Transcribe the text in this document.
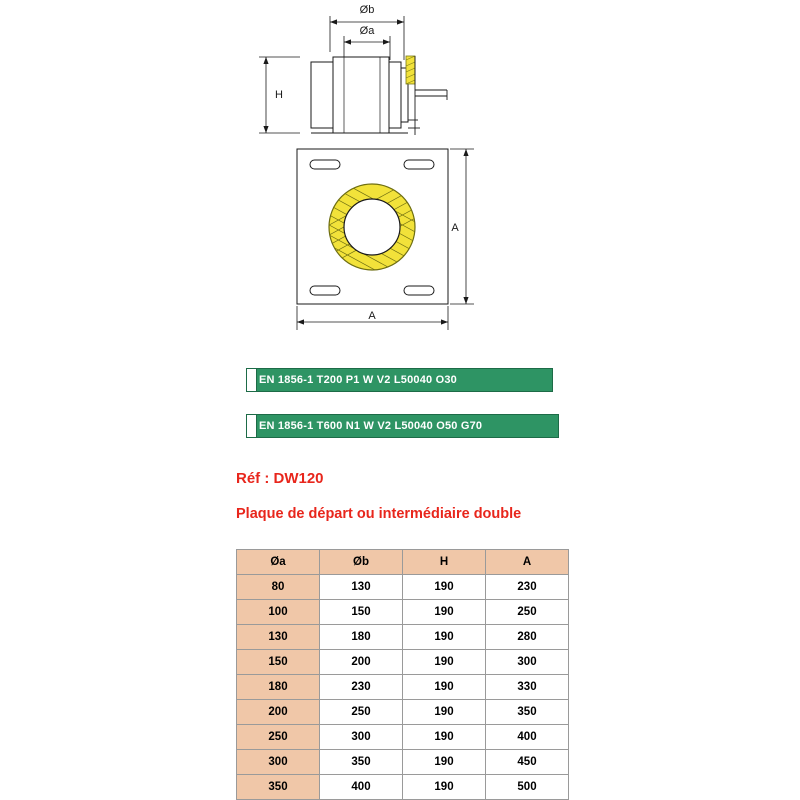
Øb
Øa
H
A
A
EN 1856-1 T200 P1 W V2 L50040 O30
EN 1856-1 T600 N1 W V2 L50040 O50 G70
Réf : DW120
Plaque de départ ou intermédiaire double
Øa	Øb	H	A
80	130	190	230
100	150	190	250
130	180	190	280
150	200	190	300
180	230	190	330
200	250	190	350
250	300	190	400
300	350	190	450
350	400	190	500
